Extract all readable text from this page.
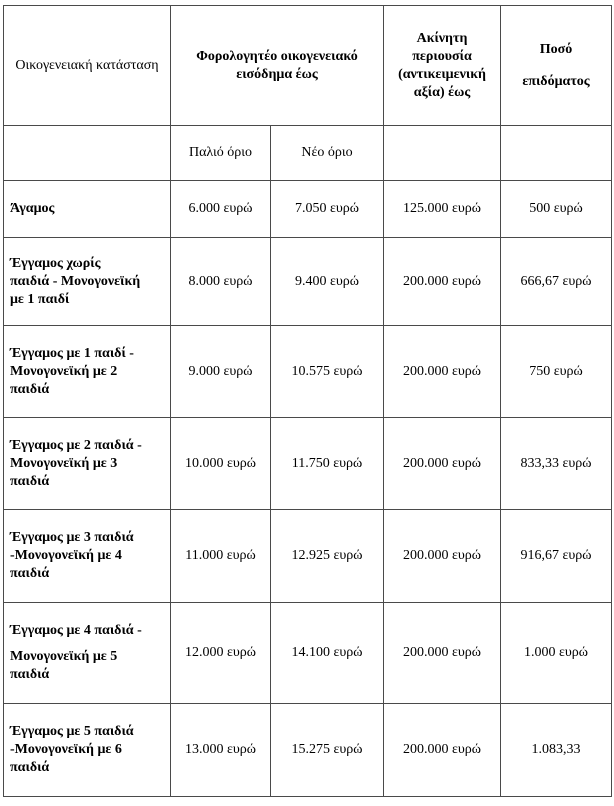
Οικογενειακή κατάσταση	Φορολογητέο οικογενειακό εισόδημα έως		Ακίνητη περιουσία (αντικειμενική αξία) έως	Ποσό
επιδόματος
	Παλιό όριο	Νέο όριο		
Άγαμος	6.000 ευρώ	7.050 ευρώ	125.000 ευρώ	500 ευρώ
Έγγαμος χωρίς
παιδιά - Μονογονεϊκή
με 1 παιδί	8.000 ευρώ	9.400 ευρώ	200.000 ευρώ	666,67 ευρώ
Έγγαμος με 1 παιδί -
Μονογονεϊκή με 2
παιδιά	9.000 ευρώ	10.575 ευρώ	200.000 ευρώ	750 ευρώ
Έγγαμος με 2 παιδιά -
Μονογονεϊκή με 3
παιδιά	10.000 ευρώ	11.750 ευρώ	200.000 ευρώ	833,33 ευρώ
Έγγαμος με 3 παιδιά
-Μονογονεϊκή με 4
παιδιά	11.000 ευρώ	12.925 ευρώ	200.000 ευρώ	916,67 ευρώ
Έγγαμος με 4 παιδιά -
Μονογονεϊκή με 5
παιδιά	12.000 ευρώ	14.100 ευρώ	200.000 ευρώ	1.000 ευρώ
Έγγαμος με 5 παιδιά
-Μονογονεϊκή με 6
παιδιά	13.000 ευρώ	15.275 ευρώ	200.000 ευρώ	1.083,33
